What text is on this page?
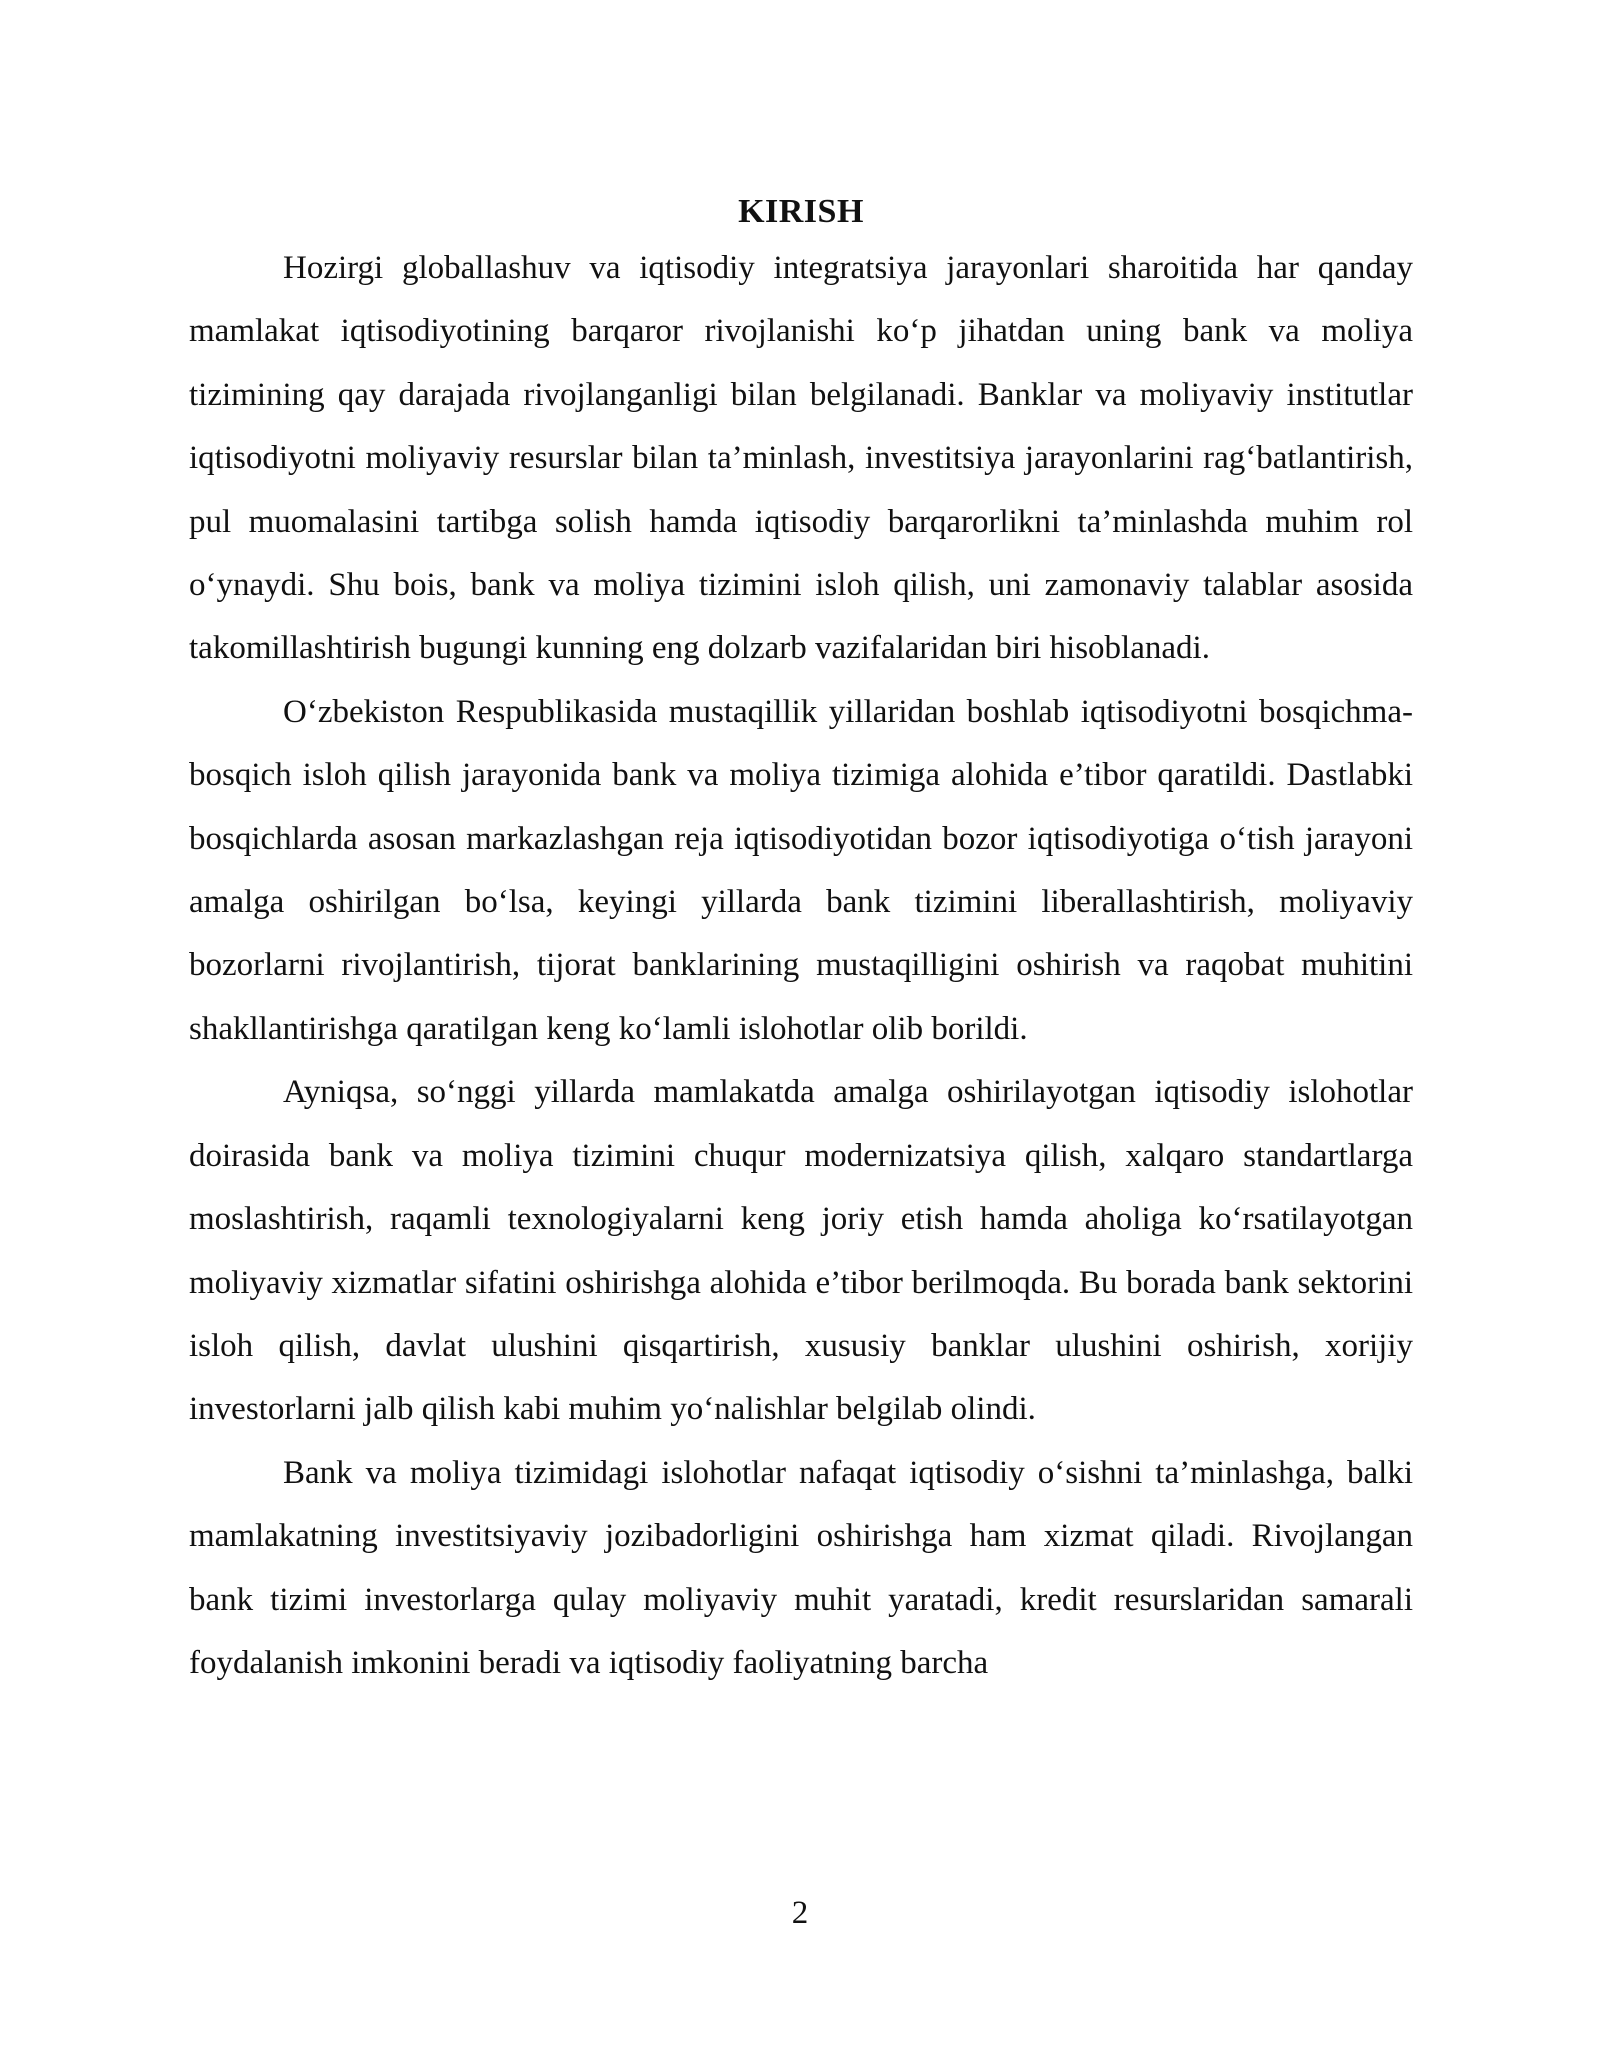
KIRISH

Hozirgi globallashuv va iqtisodiy integratsiya jarayonlari sharoitida har qanday mamlakat iqtisodiyotining barqaror rivojlanishi ko‘p jihatdan uning bank va moliya tizimining qay darajada rivojlanganligi bilan belgilanadi. Banklar va moliyaviy institutlar iqtisodiyotni moliyaviy resurslar bilan ta’minlash, investitsiya jarayonlarini rag‘batlantirish, pul muomalasini tartibga solish hamda iqtisodiy barqarorlikni ta’minlashda muhim rol o‘ynaydi. Shu bois, bank va moliya tizimini isloh qilish, uni zamonaviy talablar asosida takomillashtirish bugungi kunning eng dolzarb vazifalaridan biri hisoblanadi.

O‘zbekiston Respublikasida mustaqillik yillaridan boshlab iqtisodiyotni bosqichma-bosqich isloh qilish jarayonida bank va moliya tizimiga alohida e’tibor qaratildi. Dastlabki bosqichlarda asosan markazlashgan reja iqtisodiyotidan bozor iqtisodiyotiga o‘tish jarayoni amalga oshirilgan bo‘lsa, keyingi yillarda bank tizimini liberallashtirish, moliyaviy bozorlarni rivojlantirish, tijorat banklarining mustaqilligini oshirish va raqobat muhitini shakllantirishga qaratilgan keng ko‘lamli islohotlar olib borildi.

Ayniqsa, so‘nggi yillarda mamlakatda amalga oshirilayotgan iqtisodiy islohotlar doirasida bank va moliya tizimini chuqur modernizatsiya qilish, xalqaro standartlarga moslashtirish, raqamli texnologiyalarni keng joriy etish hamda aholiga ko‘rsatilayotgan moliyaviy xizmatlar sifatini oshirishga alohida e’tibor berilmoqda. Bu borada bank sektorini isloh qilish, davlat ulushini qisqartirish, xususiy banklar ulushini oshirish, xorijiy investorlarni jalb qilish kabi muhim yo‘nalishlar belgilab olindi.

Bank va moliya tizimidagi islohotlar nafaqat iqtisodiy o‘sishni ta’minlashga, balki mamlakatning investitsiyaviy jozibadorligini oshirishga ham xizmat qiladi. Rivojlangan bank tizimi investorlarga qulay moliyaviy muhit yaratadi, kredit resurslaridan samarali foydalanish imkonini beradi va iqtisodiy faoliyatning barcha

2
